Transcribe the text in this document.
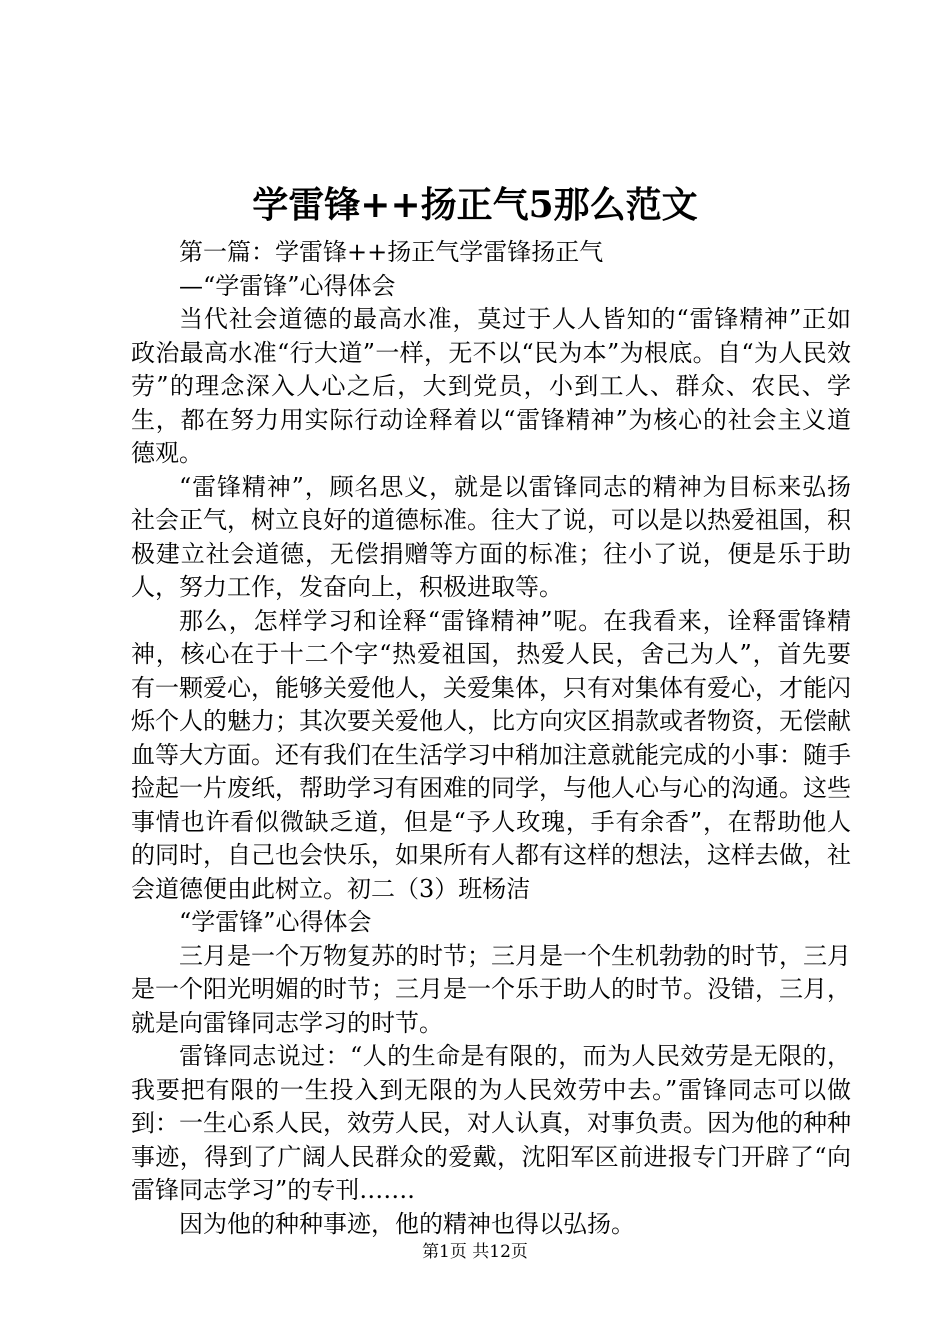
学雷锋++扬正气5那么范文

第一篇：学雷锋++扬正气学雷锋扬正气

—“学雷锋”心得体会

当代社会道德的最高水准，莫过于人人皆知的“雷锋精神”正如政治最高水准“行大道”一样，无不以“民为本”为根底。自“为人民效劳”的理念深入人心之后，大到党员，小到工人、群众、农民、学生，都在努力用实际行动诠释着以“雷锋精神”为核心的社会主义道德观。

“雷锋精神”，顾名思义，就是以雷锋同志的精神为目标来弘扬社会正气，树立良好的道德标准。往大了说，可以是以热爱祖国，积极建立社会道德，无偿捐赠等方面的标准；往小了说，便是乐于助人，努力工作，发奋向上，积极进取等。

那么，怎样学习和诠释“雷锋精神”呢。在我看来，诠释雷锋精神，核心在于十二个字“热爱祖国，热爱人民，舍己为人”，首先要有一颗爱心，能够关爱他人，关爱集体，只有对集体有爱心，才能闪烁个人的魅力；其次要关爱他人，比方向灾区捐款或者物资，无偿献血等大方面。还有我们在生活学习中稍加注意就能完成的小事：随手捡起一片废纸，帮助学习有困难的同学，与他人心与心的沟通。这些事情也许看似微缺乏道，但是“予人玫瑰，手有余香”，在帮助他人的同时，自己也会快乐，如果所有人都有这样的想法，这样去做，社会道德便由此树立。初二（3）班杨洁

“学雷锋”心得体会

三月是一个万物复苏的时节；三月是一个生机勃勃的时节，三月是一个阳光明媚的时节；三月是一个乐于助人的时节。没错，三月，就是向雷锋同志学习的时节。

雷锋同志说过：“人的生命是有限的，而为人民效劳是无限的，我要把有限的一生投入到无限的为人民效劳中去。”雷锋同志可以做到：一生心系人民，效劳人民，对人认真，对事负责。因为他的种种事迹，得到了广阔人民群众的爱戴，沈阳军区前进报专门开辟了“向雷锋同志学习”的专刊…….

因为他的种种事迹，他的精神也得以弘扬。

第1页 共12页
